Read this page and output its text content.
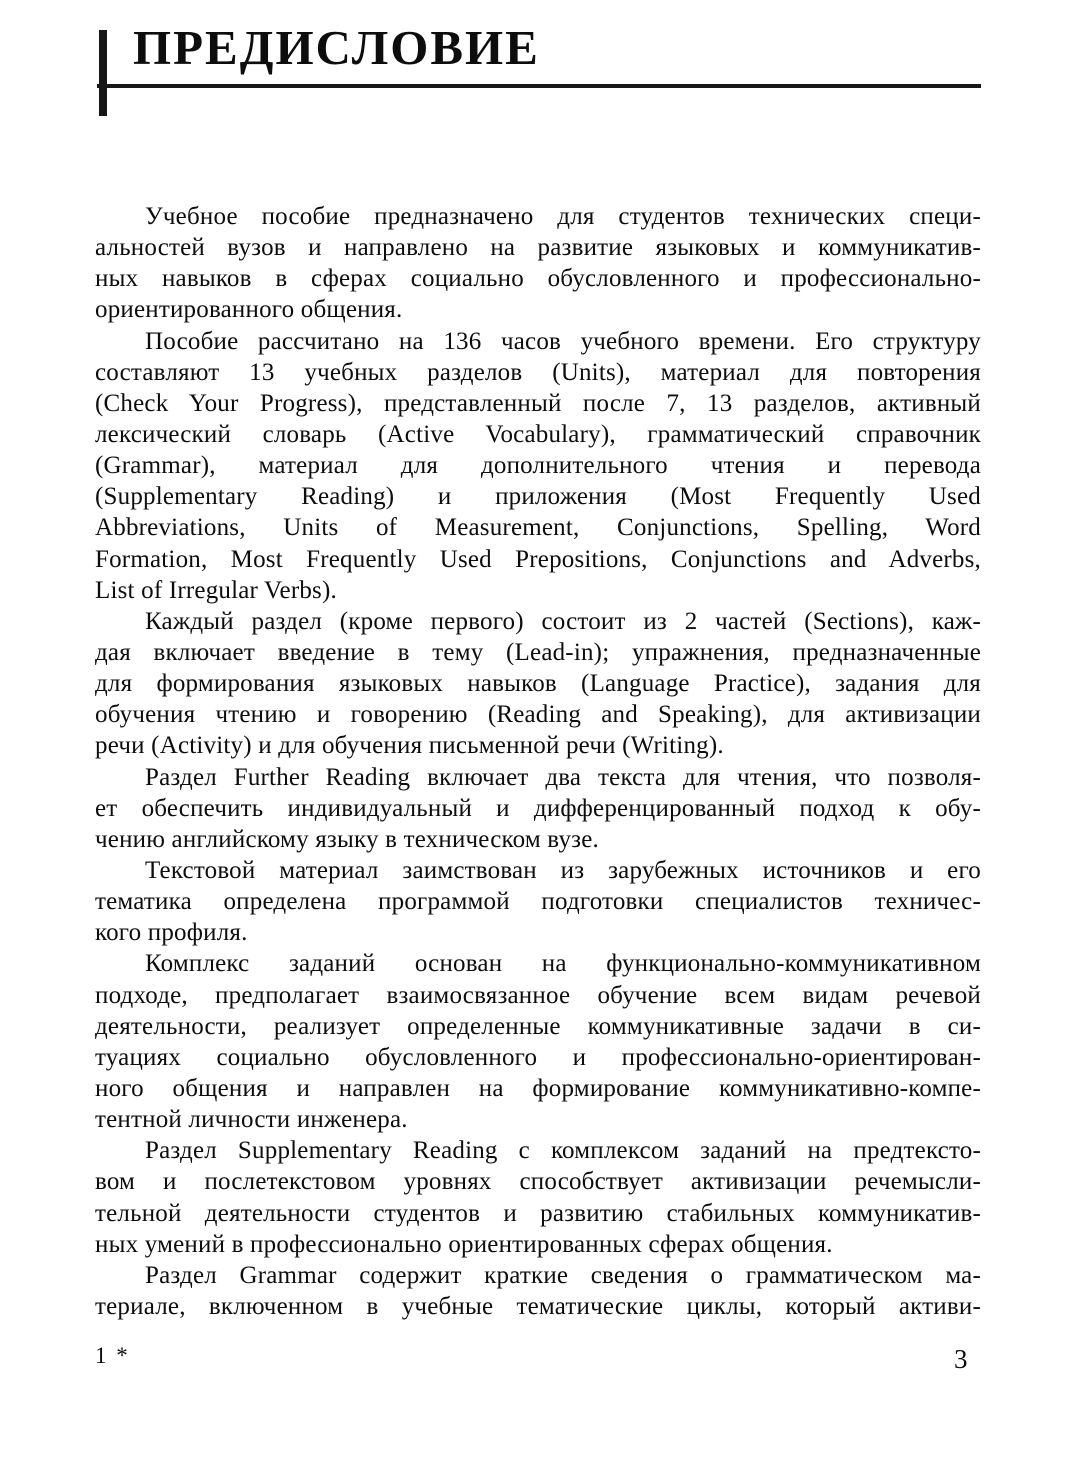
ПРЕДИСЛОВИЕ
Учебное пособие предназначено для студентов технических специ-
альностей вузов и направлено на развитие языковых и коммуникатив-
ных навыков в сферах социально обусловленного и профессионально-
ориентированного общения.
Пособие рассчитано на 136 часов учебного времени. Его структуру
составляют 13 учебных разделов (Units), материал для повторения
(Check Your Progress), представленный после 7, 13 разделов, активный
лексический словарь (Active Vocabulary), грамматический справочник
(Grammar), материал для дополнительного чтения и перевода
(Supplementary Reading) и приложения (Most Frequently Used
Abbreviations, Units of Measurement, Conjunctions, Spelling, Word
Formation, Most Frequently Used Prepositions, Conjunctions and Adverbs,
List of Irregular Verbs).
Каждый раздел (кроме первого) состоит из 2 частей (Sections), каж-
дая включает введение в тему (Lead-in); упражнения, предназначенные
для формирования языковых навыков (Language Practice), задания для
обучения чтению и говорению (Reading and Speaking), для активизации
речи (Activity) и для обучения письменной речи (Writing).
Раздел Further Reading включает два текста для чтения, что позволя-
ет обеспечить индивидуальный и дифференцированный подход к обу-
чению английскому языку в техническом вузе.
Текстовой материал заимствован из зарубежных источников и его
тематика определена программой подготовки специалистов техничес-
кого профиля.
Комплекс заданий основан на функционально-коммуникативном
подходе, предполагает взаимосвязанное обучение всем видам речевой
деятельности, реализует определенные коммуникативные задачи в си-
туациях социально обусловленного и профессионально-ориентирован-
ного общения и направлен на формирование коммуникативно-компе-
тентной личности инженера.
Раздел Supplementary Reading с комплексом заданий на предтексто-
вом и послетекстовом уровнях способствует активизации речемысли-
тельной деятельности студентов и развитию стабильных коммуникатив-
ных умений в профессионально ориентированных сферах общения.
Раздел Grammar содержит краткие сведения о грамматическом ма-
териале, включенном в учебные тематические циклы, который активи-
1 *	3
